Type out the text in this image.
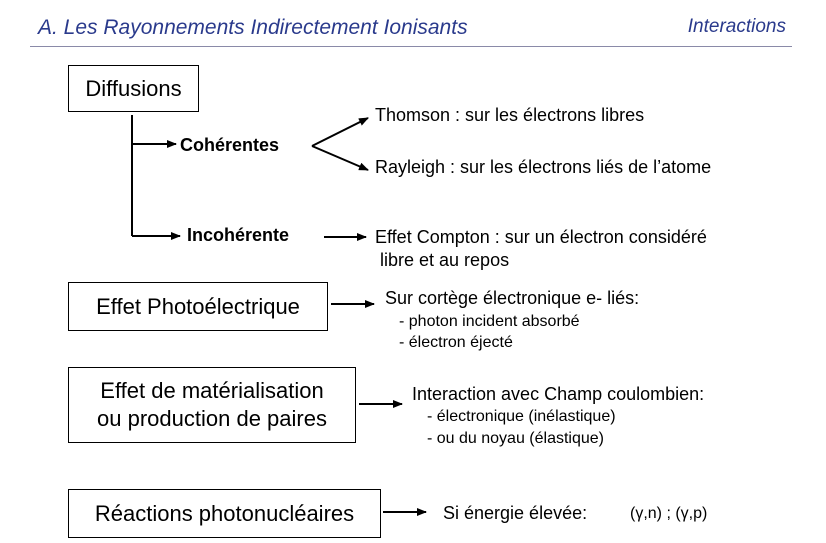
A. Les Rayonnements Indirectement Ionisants	Interactions
Diffusions
Cohérentes
Thomson : sur les électrons libres
Rayleigh : sur les électrons liés de l’atome
Incohérente	Effet Compton : sur un électron considéré
libre et au repos
Effet Photoélectrique	Sur cortège électronique e- liés:
- photon incident absorbé
- électron éjecté
Effet de matérialisation
ou production de paires
Interaction avec Champ coulombien:
- électronique (inélastique)
- ou du noyau (élastique)
Réactions photonucléaires	Si énergie élevée:	(γ,n) ; (γ,p)
